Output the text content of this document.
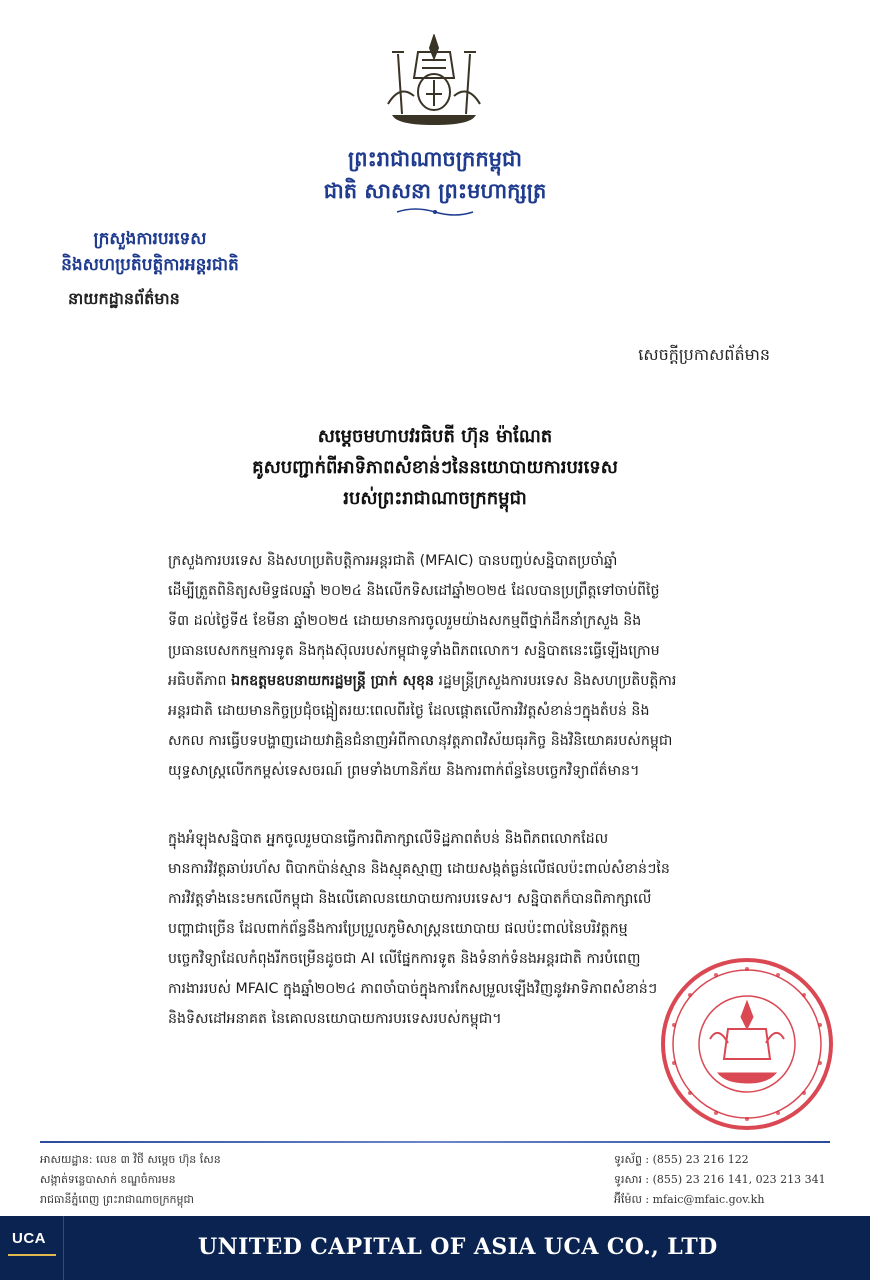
ព្រះរាជាណាចក្រកម្ពុជា
ជាតិ សាសនា ព្រះមហាក្សត្រ
ក្រសួងការបរទេស
និងសហប្រតិបត្តិការអន្តរជាតិ
នាយកដ្ឋានព័ត៌មាន
សេចក្តីប្រកាសព័ត៌មាន
សម្តេចមហាបវរធិបតី ហ៊ុន ម៉ាណែត
គូសបញ្ជាក់ពីអាទិភាពសំខាន់ៗនៃនយោបាយការបរទេស
របស់ព្រះរាជាណាចក្រកម្ពុជា
ក្រសួងការបរទេស និងសហប្រតិបត្តិការអន្តរជាតិ (MFAIC) បានបញ្ចប់សន្និបាតប្រចាំឆ្នាំ
ដើម្បីត្រួតពិនិត្យសមិទ្ធផលឆ្នាំ ២០២៤ និងលើកទិសដៅឆ្នាំ២០២៥ ដែលបានប្រព្រឹត្តទៅចាប់ពីថ្ងៃ
ទី៣ ដល់ថ្ងៃទី៥ ខែមីនា ឆ្នាំ២០២៥ ដោយមានការចូលរួមយ៉ាងសកម្មពីថ្នាក់ដឹកនាំក្រសួង និង
ប្រធានបេសកកម្មការទូត និងកុងស៊ុលរបស់កម្ពុជាទូទាំងពិភពលោក។ សន្និបាតនេះធ្វើឡើងក្រោម
អធិបតីភាព ឯកឧត្តមឧបនាយករដ្ឋមន្ត្រី ប្រាក់ សុខុន រដ្ឋមន្ត្រីក្រសួងការបរទេស និងសហប្រតិបត្តិការ
អន្តរជាតិ ដោយមានកិច្ចប្រជុំចង្អៀតរយៈពេលពីរថ្ងៃ ដែលផ្តោតលើការវិវត្តសំខាន់ៗក្នុងតំបន់ និង
សកល ការធ្វើបទបង្ហាញដោយវាគ្មិនជំនាញអំពីកាលានុវត្តភាពវិស័យធុរកិច្ច និងវិនិយោគរបស់កម្ពុជា
យុទ្ធសាស្ត្រលើកកម្ពស់ទេសចរណ៍ ព្រមទាំងហានិភ័យ និងការពាក់ព័ន្ធនៃបច្ចេកវិទ្យាព័ត៌មាន។
ក្នុងអំឡុងសន្និបាត អ្នកចូលរួមបានធ្វើការពិភាក្សាលើទិដ្ឋភាពតំបន់ និងពិភពលោកដែល
មានការវិវត្តឆាប់រហ័ស ពិបាកប៉ាន់ស្មាន និងស្មុគស្មាញ ដោយសង្កត់ធ្ងន់លើផលប៉ះពាល់សំខាន់ៗនៃ
ការវិវត្តទាំងនេះមកលើកម្ពុជា និងលើគោលនយោបាយការបរទេស។ សន្និបាតក៏បានពិភាក្សាលើ
បញ្ហាជាច្រើន ដែលពាក់ព័ន្ធនឹងការប្រែប្រួលភូមិសាស្ត្រនយោបាយ ផលប៉ះពាល់នៃបរិវត្តកម្ម
បច្ចេកវិទ្យាដែលកំពុងរីកចម្រើនដូចជា AI លើផ្នែកការទូត និងទំនាក់ទំនងអន្តរជាតិ ការបំពេញ
ការងាររបស់ MFAIC ក្នុងឆ្នាំ២០២៤ ភាពចាំបាច់ក្នុងការកែសម្រួលឡើងវិញនូវអាទិភាពសំខាន់ៗ
និងទិសដៅអនាគត នៃគោលនយោបាយការបរទេសរបស់កម្ពុជា។
អាសយដ្ឋាន: លេខ ៣ វិថី សម្តេច ហ៊ុន សែន
សង្កាត់ទន្លេបាសាក់ ខណ្ឌចំការមន
រាជធានីភ្នំពេញ ព្រះរាជាណាចក្រកម្ពុជា
ទូរស័ព្ទ : (855) 23 216 122
ទូរសារ : (855) 23 216 141, 023 213 341
អ៊ីម៉ែល : mfaic@mfaic.gov.kh
UCA	UNITED CAPITAL OF ASIA UCA CO., LTD
